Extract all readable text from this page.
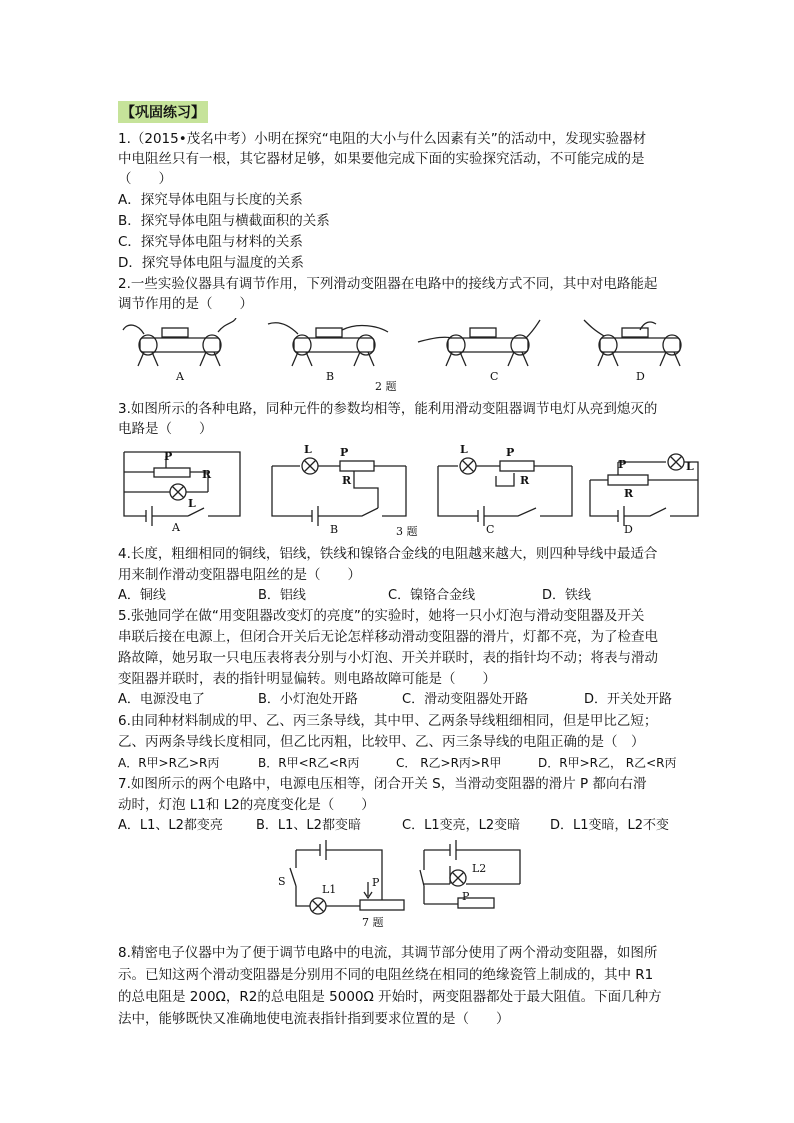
【巩固练习】
1.（2015•茂名中考）小明在探究“电阻的大小与什么因素有关”的活动中，发现实验器材
中电阻丝只有一根，其它器材足够，如果要他完成下面的实验探究活动，不可能完成的是
（　　）
A．探究导体电阻与长度的关系
B．探究导体电阻与横截面积的关系
C．探究导体电阻与材料的关系
D．探究导体电阻与温度的关系
2.一些实验仪器具有调节作用，下列滑动变阻器在电路中的接线方式不同，其中对电路能起
调节作用的是（　　）
A	B	C	D
2 题
3.如图所示的各种电路，同种元件的参数均相等，能利用滑动变阻器调节电灯从亮到熄灭的
电路是（　　）
P
R
L
A
L	P
R
B	3 题
L	P
R
C
P
R
L
D
4.长度，粗细相同的铜线，铝线，铁线和镍铬合金线的电阻越来越大，则四种导线中最适合
用来制作滑动变阻器电阻丝的是（　　）
A．铜线	B．铝线	C．镍铬合金线	D．铁线
5.张弛同学在做“用变阻器改变灯的亮度”的实验时，她将一只小灯泡与滑动变阻器及开关
串联后接在电源上，但闭合开关后无论怎样移动滑动变阻器的滑片，灯都不亮，为了检查电
路故障，她另取一只电压表将表分别与小灯泡、开关并联时，表的指针均不动；将表与滑动
变阻器并联时，表的指针明显偏转。则电路故障可能是（　　）
A．电源没电了	B．小灯泡处开路	C．滑动变阻器处开路	D．开关处开路
6.由同种材料制成的甲、乙、丙三条导线，其中甲、乙两条导线粗细相同，但是甲比乙短；
乙、丙两条导线长度相同，但乙比丙粗，比较甲、乙、丙三条导线的电阻正确的是（　）
A．R甲>R乙>R丙	B．R甲<R乙<R丙	C． R乙>R丙>R甲	D．R甲>R乙， R乙<R丙
7.如图所示的两个电路中，电源电压相等，闭合开关 S，当滑动变阻器的滑片 P 都向右滑
动时，灯泡 L1和 L2的亮度变化是（　　）
A．L1、L2都变亮	B．L1、L2都变暗	C．L1变亮，L2变暗 D．L1变暗，L2不变
S
L1
P
L2
P
7 题
8.精密电子仪器中为了便于调节电路中的电流，其调节部分使用了两个滑动变阻器，如图所
示。已知这两个滑动变阻器是分别用不同的电阻丝绕在相同的绝缘瓷管上制成的，其中 R1
的总电阻是 200Ω，R2的总电阻是 5000Ω 开始时，两变阻器都处于最大阻值。下面几种方
法中，能够既快又准确地使电流表指针指到要求位置的是（　　）
